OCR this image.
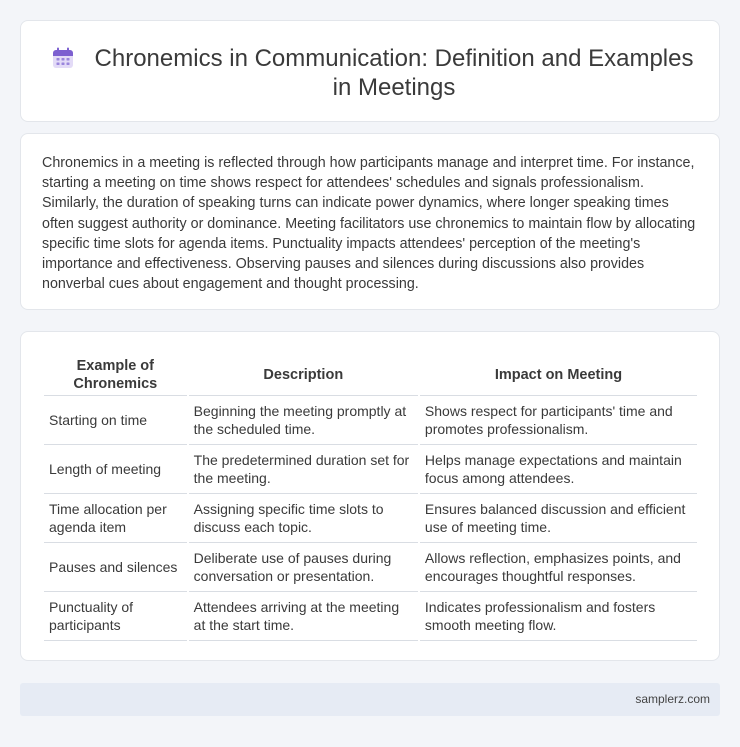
Chronemics in Communication: Definition and Examples in Meetings

Chronemics in a meeting is reflected through how participants manage and interpret time. For instance, starting a meeting on time shows respect for attendees' schedules and signals professionalism. Similarly, the duration of speaking turns can indicate power dynamics, where longer speaking times often suggest authority or dominance. Meeting facilitators use chronemics to maintain flow by allocating specific time slots for agenda items. Punctuality impacts attendees' perception of the meeting's importance and effectiveness. Observing pauses and silences during discussions also provides nonverbal cues about engagement and thought processing.

Example of Chronemics	Description	Impact on Meeting
Starting on time	Beginning the meeting promptly at the scheduled time.	Shows respect for participants' time and promotes professionalism.
Length of meeting	The predetermined duration set for the meeting.	Helps manage expectations and maintain focus among attendees.
Time allocation per agenda item	Assigning specific time slots to discuss each topic.	Ensures balanced discussion and efficient use of meeting time.
Pauses and silences	Deliberate use of pauses during conversation or presentation.	Allows reflection, emphasizes points, and encourages thoughtful responses.
Punctuality of participants	Attendees arriving at the meeting at the start time.	Indicates professionalism and fosters smooth meeting flow.
samplerz.com
